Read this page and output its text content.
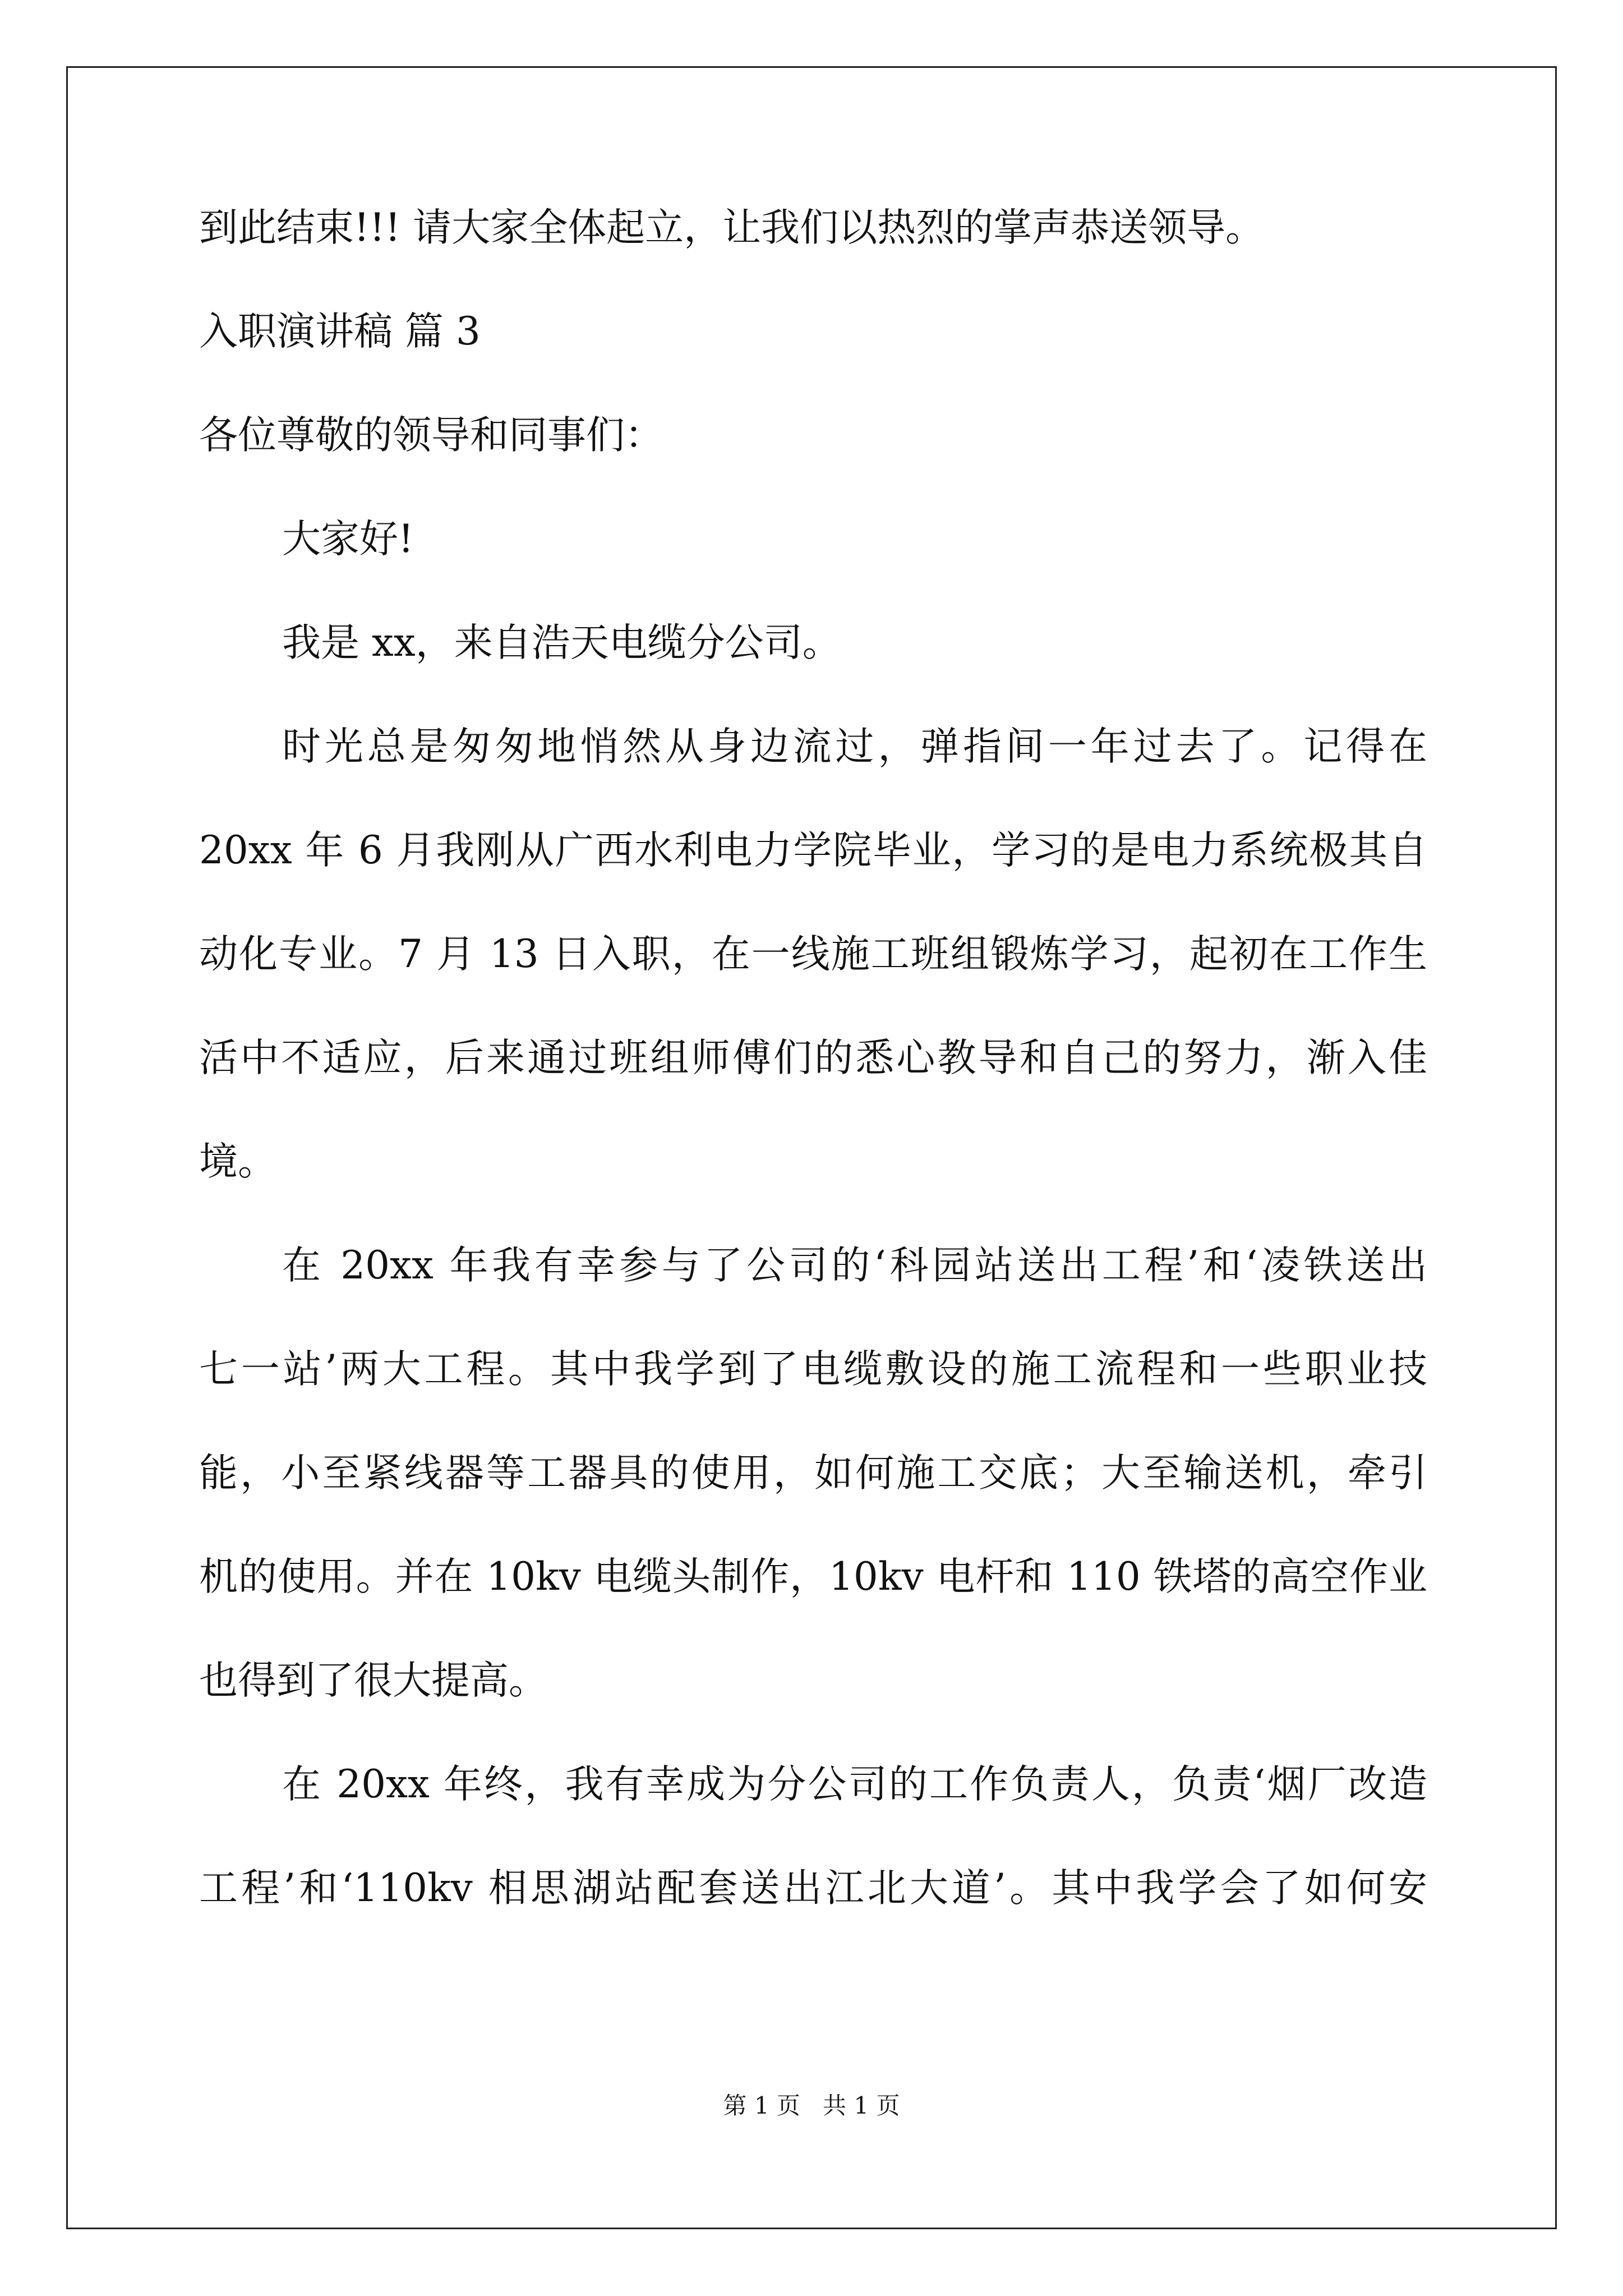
到此结束!!! 请大家全体起立，让我们以热烈的掌声恭送领导。

入职演讲稿 篇 3

各位尊敬的领导和同事们：

大家好!

我是 xx，来自浩天电缆分公司。

时光总是匆匆地悄然从身边流过，弹指间一年过去了。记得在

20xx 年 6 月我刚从广西水利电力学院毕业，学习的是电力系统极其自

动化专业。7 月 13 日入职，在一线施工班组锻炼学习，起初在工作生

活中不适应，后来通过班组师傅们的悉心教导和自己的努力，渐入佳

境。

在 20xx 年我有幸参与了公司的‘科园站送出工程’和‘凌铁送出

七一站’两大工程。其中我学到了电缆敷设的施工流程和一些职业技

能，小至紧线器等工器具的使用，如何施工交底；大至输送机，牵引

机的使用。并在 10kv 电缆头制作，10kv 电杆和 110 铁塔的高空作业

也得到了很大提高。

在 20xx 年终，我有幸成为分公司的工作负责人，负责‘烟厂改造

工程’和‘110kv 相思湖站配套送出江北大道’。其中我学会了如何安

第 1 页   共 1 页
